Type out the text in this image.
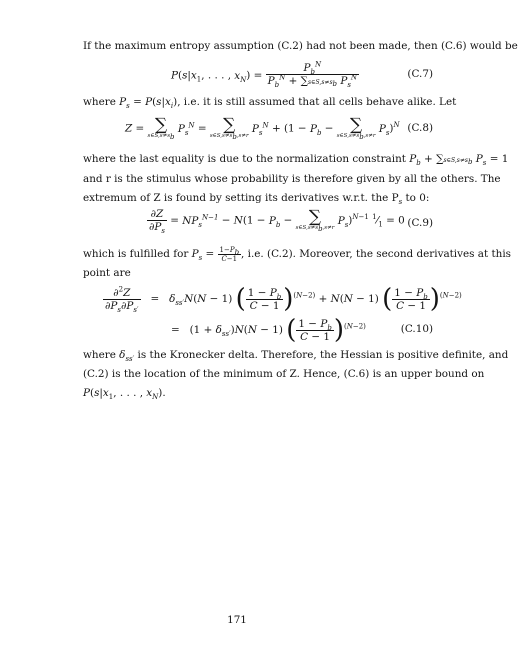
If the maximum entropy assumption (C.2) had not been made, then (C.6) would be
$P(s|x_1$, . . . , $x_N) = \frac{P_b^N}{P_b^N + \sum s\in S,s\ne s_b P_s^N}$	(C.7)
where $P_s = P(s|x_i)$, i.e. it is still assumed that all cells behave alike. Let
Z = ∑
$s\in S,s\ne s_b$
$P_s^N$ = ∑
$s\in S,s\ne s_b,s\ne r$
$P_s^N + (1 - P_b$ − ∑
$s\in S,s\ne s_b,s\ne r$
$P_s)^N$ (C.8)
where the last equality is due to the normalization constraint $P_b$ + $\sum s\in S,s\ne s_b$ $P_s = 1$
and r is the stimulus whose probability is therefore given by all the others. The
extremum of Z is found by setting its derivatives w.r.t. the $P_s$ to 0:
$\frac{\partial Z}{\partial P_s} = NP_s^{N-1} - N(1 - P_b$ − ∑
$s\in S,s\ne s_b,s\ne r$
$P_s)^{N-1}$ $^1⁄_1 = 0$ (C.9)
which is fulfilled for $P_s = \frac{1-P_b}{C-1}$ , i.e. (C.2). Moreover, the second derivatives at this
point are
$\frac{\partial^2Z}{\partial P_s\partial P_{s'}} = \delta_{ss'}N(N - 1)$ ( $\frac{1 - P_b}{C - 1} )^{(N-2)} + N(N - 1)$ ( $\frac{1 - P_b}{C - 1} )^{(N-2)}$
=   $(1 + \delta_{ss'})N(N - 1)$ ( $\frac{1 - P_b}{C - 1} )^{(N-2)}$	(C.10)
where $\delta_{ss'}$ is the Kronecker delta. Therefore, the Hessian is positive definite, and
(C.2) is the location of the minimum of Z. Hence, (C.6) is an upper bound on
$P(s|x_1$, . . . , $x_N$).
171
